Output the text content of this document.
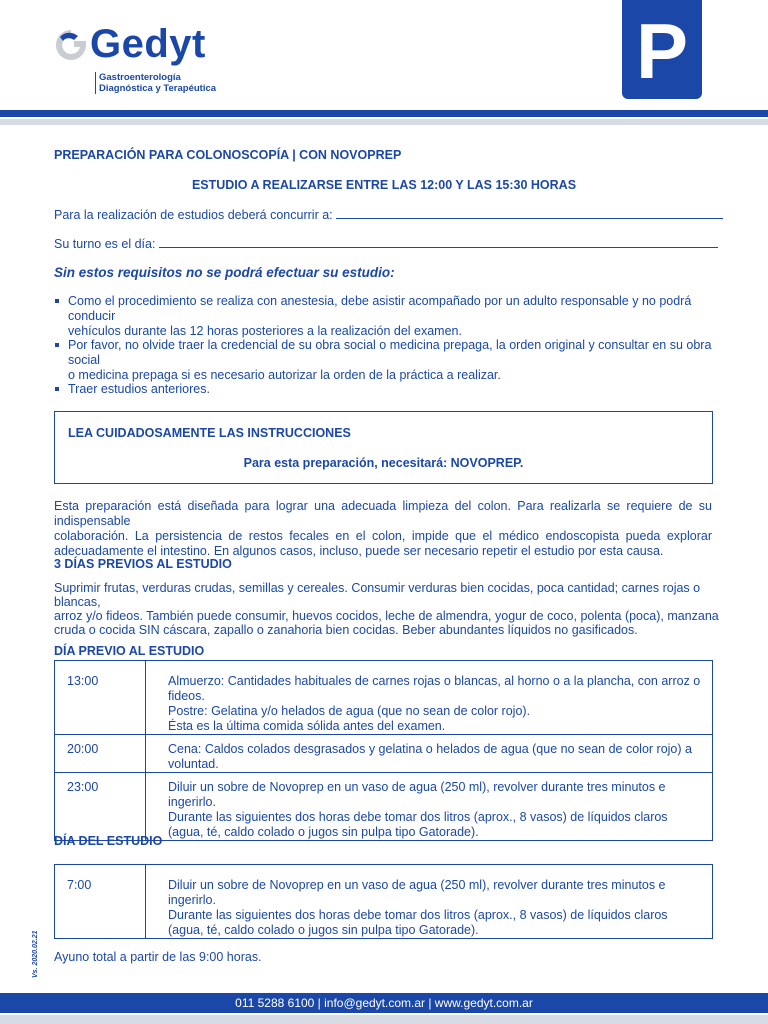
Gedyt
Gastroenterología
Diagnóstica y Terapéutica	P
PREPARACIÓN PARA COLONOSCOPÍA | CON NOVOPREP
ESTUDIO A REALIZARSE ENTRE LAS 12:00 Y LAS 15:30 HORAS
Para la realización de estudios deberá concurrir a:
Su turno es el día:
Sin estos requisitos no se podrá efectuar su estudio:
Como el procedimiento se realiza con anestesia, debe asistir acompañado por un adulto responsable y no podrá conducir
vehículos durante las 12 horas posteriores a la realización del examen.
Por favor, no olvide traer la credencial de su obra social o medicina prepaga, la orden original y consultar en su obra social
o medicina prepaga si es necesario autorizar la orden de la práctica a realizar.
Traer estudios anteriores.
LEA CUIDADOSAMENTE LAS INSTRUCCIONES
Para esta preparación, necesitará: NOVOPREP.
Esta preparación está diseñada para lograr una adecuada limpieza del colon. Para realizarla se requiere de su indispensable
colaboración. La persistencia de restos fecales en el colon, impide que el médico endoscopista pueda explorar
adecuadamente el intestino. En algunos casos, incluso, puede ser necesario repetir el estudio por esta causa.
3 DÍAS PREVIOS AL ESTUDIO
Suprimir frutas, verduras crudas, semillas y cereales. Consumir verduras bien cocidas, poca cantidad; carnes rojas o blancas,
arroz y/o fideos. También puede consumir, huevos cocidos, leche de almendra, yogur de coco, polenta (poca), manzana
cruda o cocida SIN cáscara, zapallo o zanahoria bien cocidas. Beber abundantes líquidos no gasificados.
DÍA PREVIO AL ESTUDIO
13:00	Almuerzo: Cantidades habituales de carnes rojas o blancas, al horno o a la plancha, con arroz o fideos.
Postre: Gelatina y/o helados de agua (que no sean de color rojo).
Ésta es la última comida sólida antes del examen.

20:00	Cena: Caldos colados desgrasados y gelatina o helados de agua (que no sean de color rojo) a voluntad.

23:00	Diluir un sobre de Novoprep en un vaso de agua (250 ml), revolver durante tres minutos e ingerirlo.
Durante las siguientes dos horas debe tomar dos litros (aprox., 8 vasos) de líquidos claros
(agua, té, caldo colado o jugos sin pulpa tipo Gatorade).
DÍA DEL ESTUDIO
7:00	Diluir un sobre de Novoprep en un vaso de agua (250 ml), revolver durante tres minutos e ingerirlo.
Durante las siguientes dos horas debe tomar dos litros (aprox., 8 vasos) de líquidos claros
(agua, té, caldo colado o jugos sin pulpa tipo Gatorade).
Ayuno total a partir de las 9:00 horas.
Vs. 2020.02.21
011 5288 6100 | info@gedyt.com.ar | www.gedyt.com.ar
